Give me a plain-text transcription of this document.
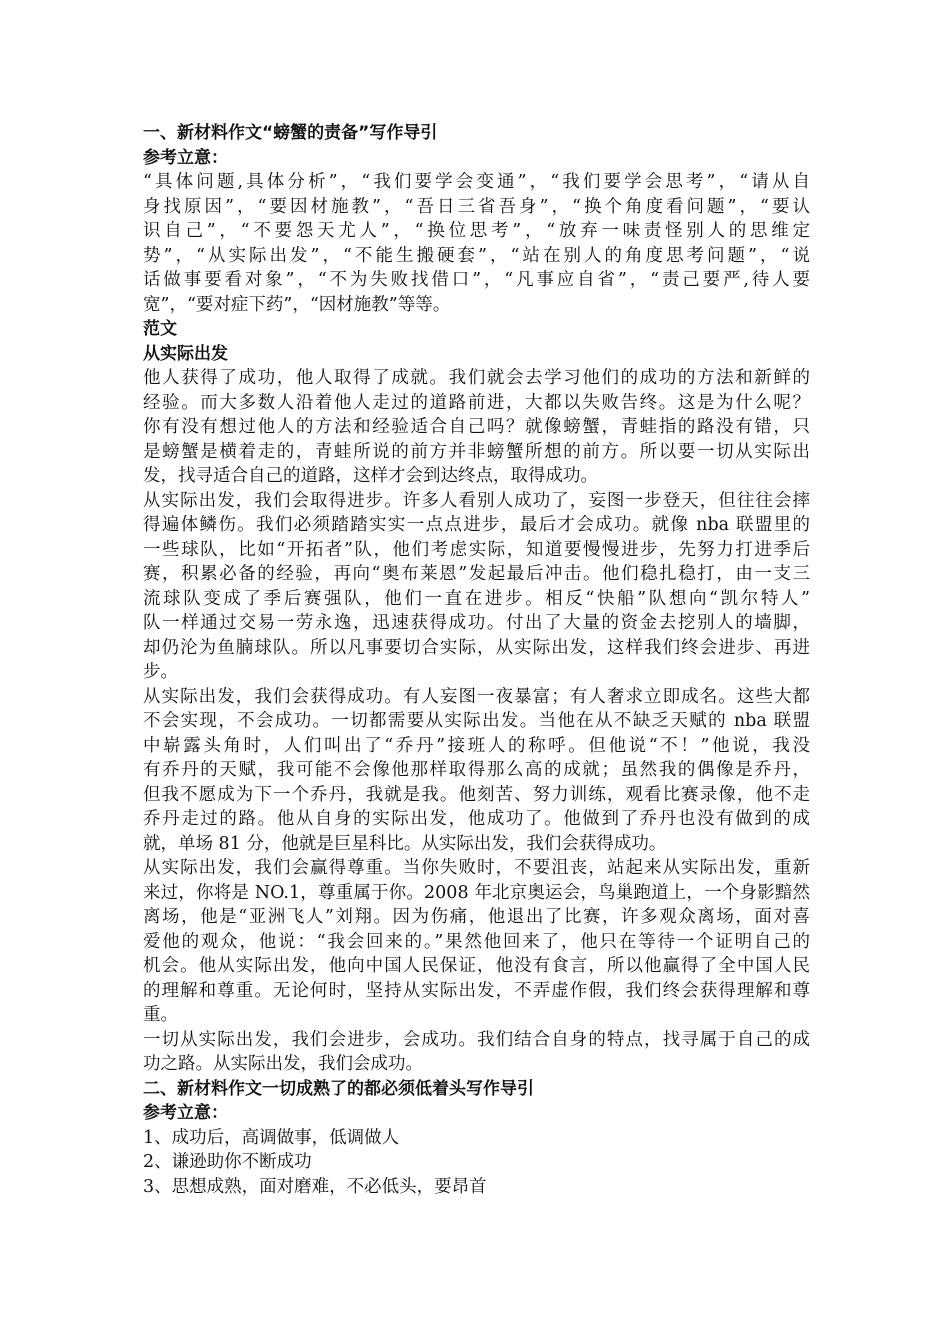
一、新材料作文“螃蟹的责备”写作导引
参考立意：
“具体问题,具体分析”，“我们要学会变通”，“我们要学会思考”，“请从自
身找原因”，“要因材施教”，“吾日三省吾身”，“换个角度看问题”，“要认
识自己”，“不要怨天尤人”，“换位思考”，“放弃一味责怪别人的思维定
势”，“从实际出发”，“不能生搬硬套”，“站在别人的角度思考问题”，“说
话做事要看对象”，“不为失败找借口”，“凡事应自省”，“责己要严,待人要
宽”，“要对症下药”，“因材施教”等等。
范文
从实际出发
他人获得了成功，他人取得了成就。我们就会去学习他们的成功的方法和新鲜的
经验。而大多数人沿着他人走过的道路前进，大都以失败告终。这是为什么呢？
你有没有想过他人的方法和经验适合自己吗？就像螃蟹，青蛙指的路没有错，只
是螃蟹是横着走的，青蛙所说的前方并非螃蟹所想的前方。所以要一切从实际出
发，找寻适合自己的道路，这样才会到达终点，取得成功。
从实际出发，我们会取得进步。许多人看别人成功了，妄图一步登天，但往往会摔
得遍体鳞伤。我们必须踏踏实实一点点进步，最后才会成功。就像 nba 联盟里的
一些球队，比如“开拓者”队，他们考虑实际，知道要慢慢进步，先努力打进季后
赛，积累必备的经验，再向“奥布莱恩”发起最后冲击。他们稳扎稳打，由一支三
流球队变成了季后赛强队，他们一直在进步。相反“快船”队想向“凯尔特人”
队一样通过交易一劳永逸，迅速获得成功。付出了大量的资金去挖别人的墙脚，
却仍沦为鱼腩球队。所以凡事要切合实际，从实际出发，这样我们终会进步、再进
步。
从实际出发，我们会获得成功。有人妄图一夜暴富；有人奢求立即成名。这些大都
不会实现，不会成功。一切都需要从实际出发。当他在从不缺乏天赋的 nba 联盟
中崭露头角时，人们叫出了“乔丹”接班人的称呼。但他说“不！”他说，我没
有乔丹的天赋，我可能不会像他那样取得那么高的成就；虽然我的偶像是乔丹，
但我不愿成为下一个乔丹，我就是我。他刻苦、努力训练，观看比赛录像，他不走
乔丹走过的路。他从自身的实际出发，他成功了。他做到了乔丹也没有做到的成
就，单场 81 分，他就是巨星科比。从实际出发，我们会获得成功。
从实际出发，我们会赢得尊重。当你失败时，不要沮丧，站起来从实际出发，重新
来过，你将是 NO.1，尊重属于你。2008 年北京奥运会，鸟巢跑道上，一个身影黯然
离场，他是“亚洲飞人”刘翔。因为伤痛，他退出了比赛，许多观众离场，面对喜
爱他的观众，他说：“我会回来的。”果然他回来了，他只在等待一个证明自己的
机会。他从实际出发，他向中国人民保证，他没有食言，所以他赢得了全中国人民
的理解和尊重。无论何时，坚持从实际出发，不弄虚作假，我们终会获得理解和尊
重。
一切从实际出发，我们会进步，会成功。我们结合自身的特点，找寻属于自己的成
功之路。从实际出发，我们会成功。
二、新材料作文一切成熟了的都必须低着头写作导引
参考立意：
1、成功后，高调做事，低调做人
2、谦逊助你不断成功
3、思想成熟，面对磨难，不必低头，要昂首
